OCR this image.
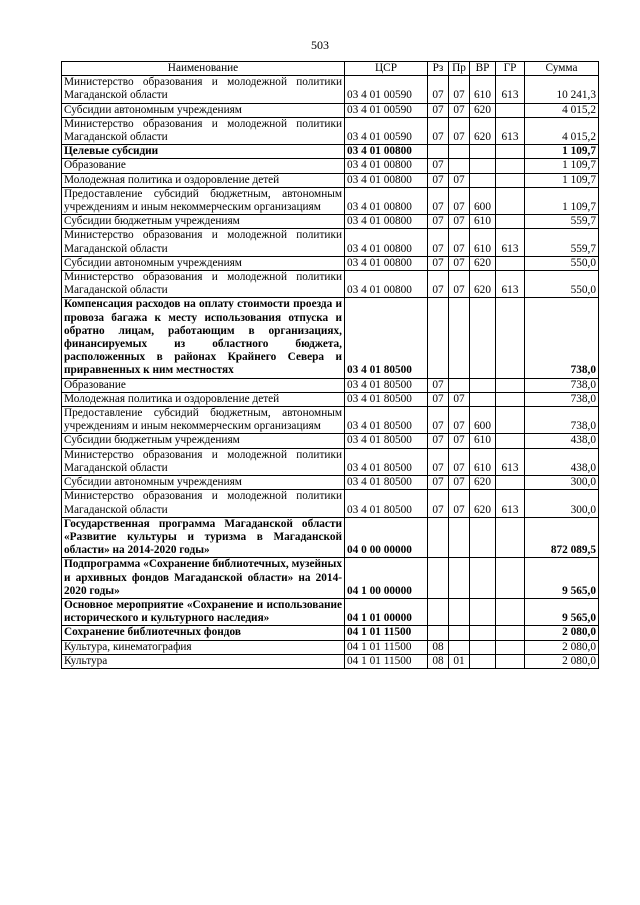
503
Наименование	ЦСР	Рз	Пр	ВР	ГР	Сумма
Министерство образования и молодежной политики Магаданской области	03 4 01 00590	07	07	610	613	10 241,3
Субсидии автономным учреждениям	03 4 01 00590	07	07	620		4 015,2
Министерство образования и молодежной политики Магаданской области	03 4 01 00590	07	07	620	613	4 015,2
Целевые субсидии	03 4 01 00800					1 109,7
Образование	03 4 01 00800	07				1 109,7
Молодежная политика и оздоровление детей	03 4 01 00800	07	07			1 109,7
Предоставление субсидий бюджетным, автономным учреждениям и иным некоммерческим организациям	03 4 01 00800	07	07	600		1 109,7
Субсидии бюджетным учреждениям	03 4 01 00800	07	07	610		559,7
Министерство образования и молодежной политики Магаданской области	03 4 01 00800	07	07	610	613	559,7
Субсидии автономным учреждениям	03 4 01 00800	07	07	620		550,0
Министерство образования и молодежной политики Магаданской области	03 4 01 00800	07	07	620	613	550,0
Компенсация расходов на оплату стоимости проезда и провоза багажа к месту использования отпуска и обратно лицам, работающим в организациях, финансируемых из областного бюджета, расположенных в районах Крайнего Севера и приравненных к ним местностях	03 4 01 80500					738,0
Образование	03 4 01 80500	07				738,0
Молодежная политика и оздоровление детей	03 4 01 80500	07	07			738,0
Предоставление субсидий бюджетным, автономным учреждениям и иным некоммерческим организациям	03 4 01 80500	07	07	600		738,0
Субсидии бюджетным учреждениям	03 4 01 80500	07	07	610		438,0
Министерство образования и молодежной политики Магаданской области	03 4 01 80500	07	07	610	613	438,0
Субсидии автономным учреждениям	03 4 01 80500	07	07	620		300,0
Министерство образования и молодежной политики Магаданской области	03 4 01 80500	07	07	620	613	300,0
Государственная программа Магаданской области «Развитие культуры и туризма в Магаданской области» на 2014-2020 годы»	04 0 00 00000					872 089,5
Подпрограмма «Сохранение библиотечных, музейных и архивных фондов Магаданской области» на 2014-2020 годы»	04 1 00 00000					9 565,0
Основное мероприятие «Сохранение и использование исторического и культурного наследия»	04 1 01 00000					9 565,0
Сохранение библиотечных фондов	04 1 01 11500					2 080,0
Культура, кинематография	04 1 01 11500	08				2 080,0
Культура	04 1 01 11500	08	01			2 080,0
